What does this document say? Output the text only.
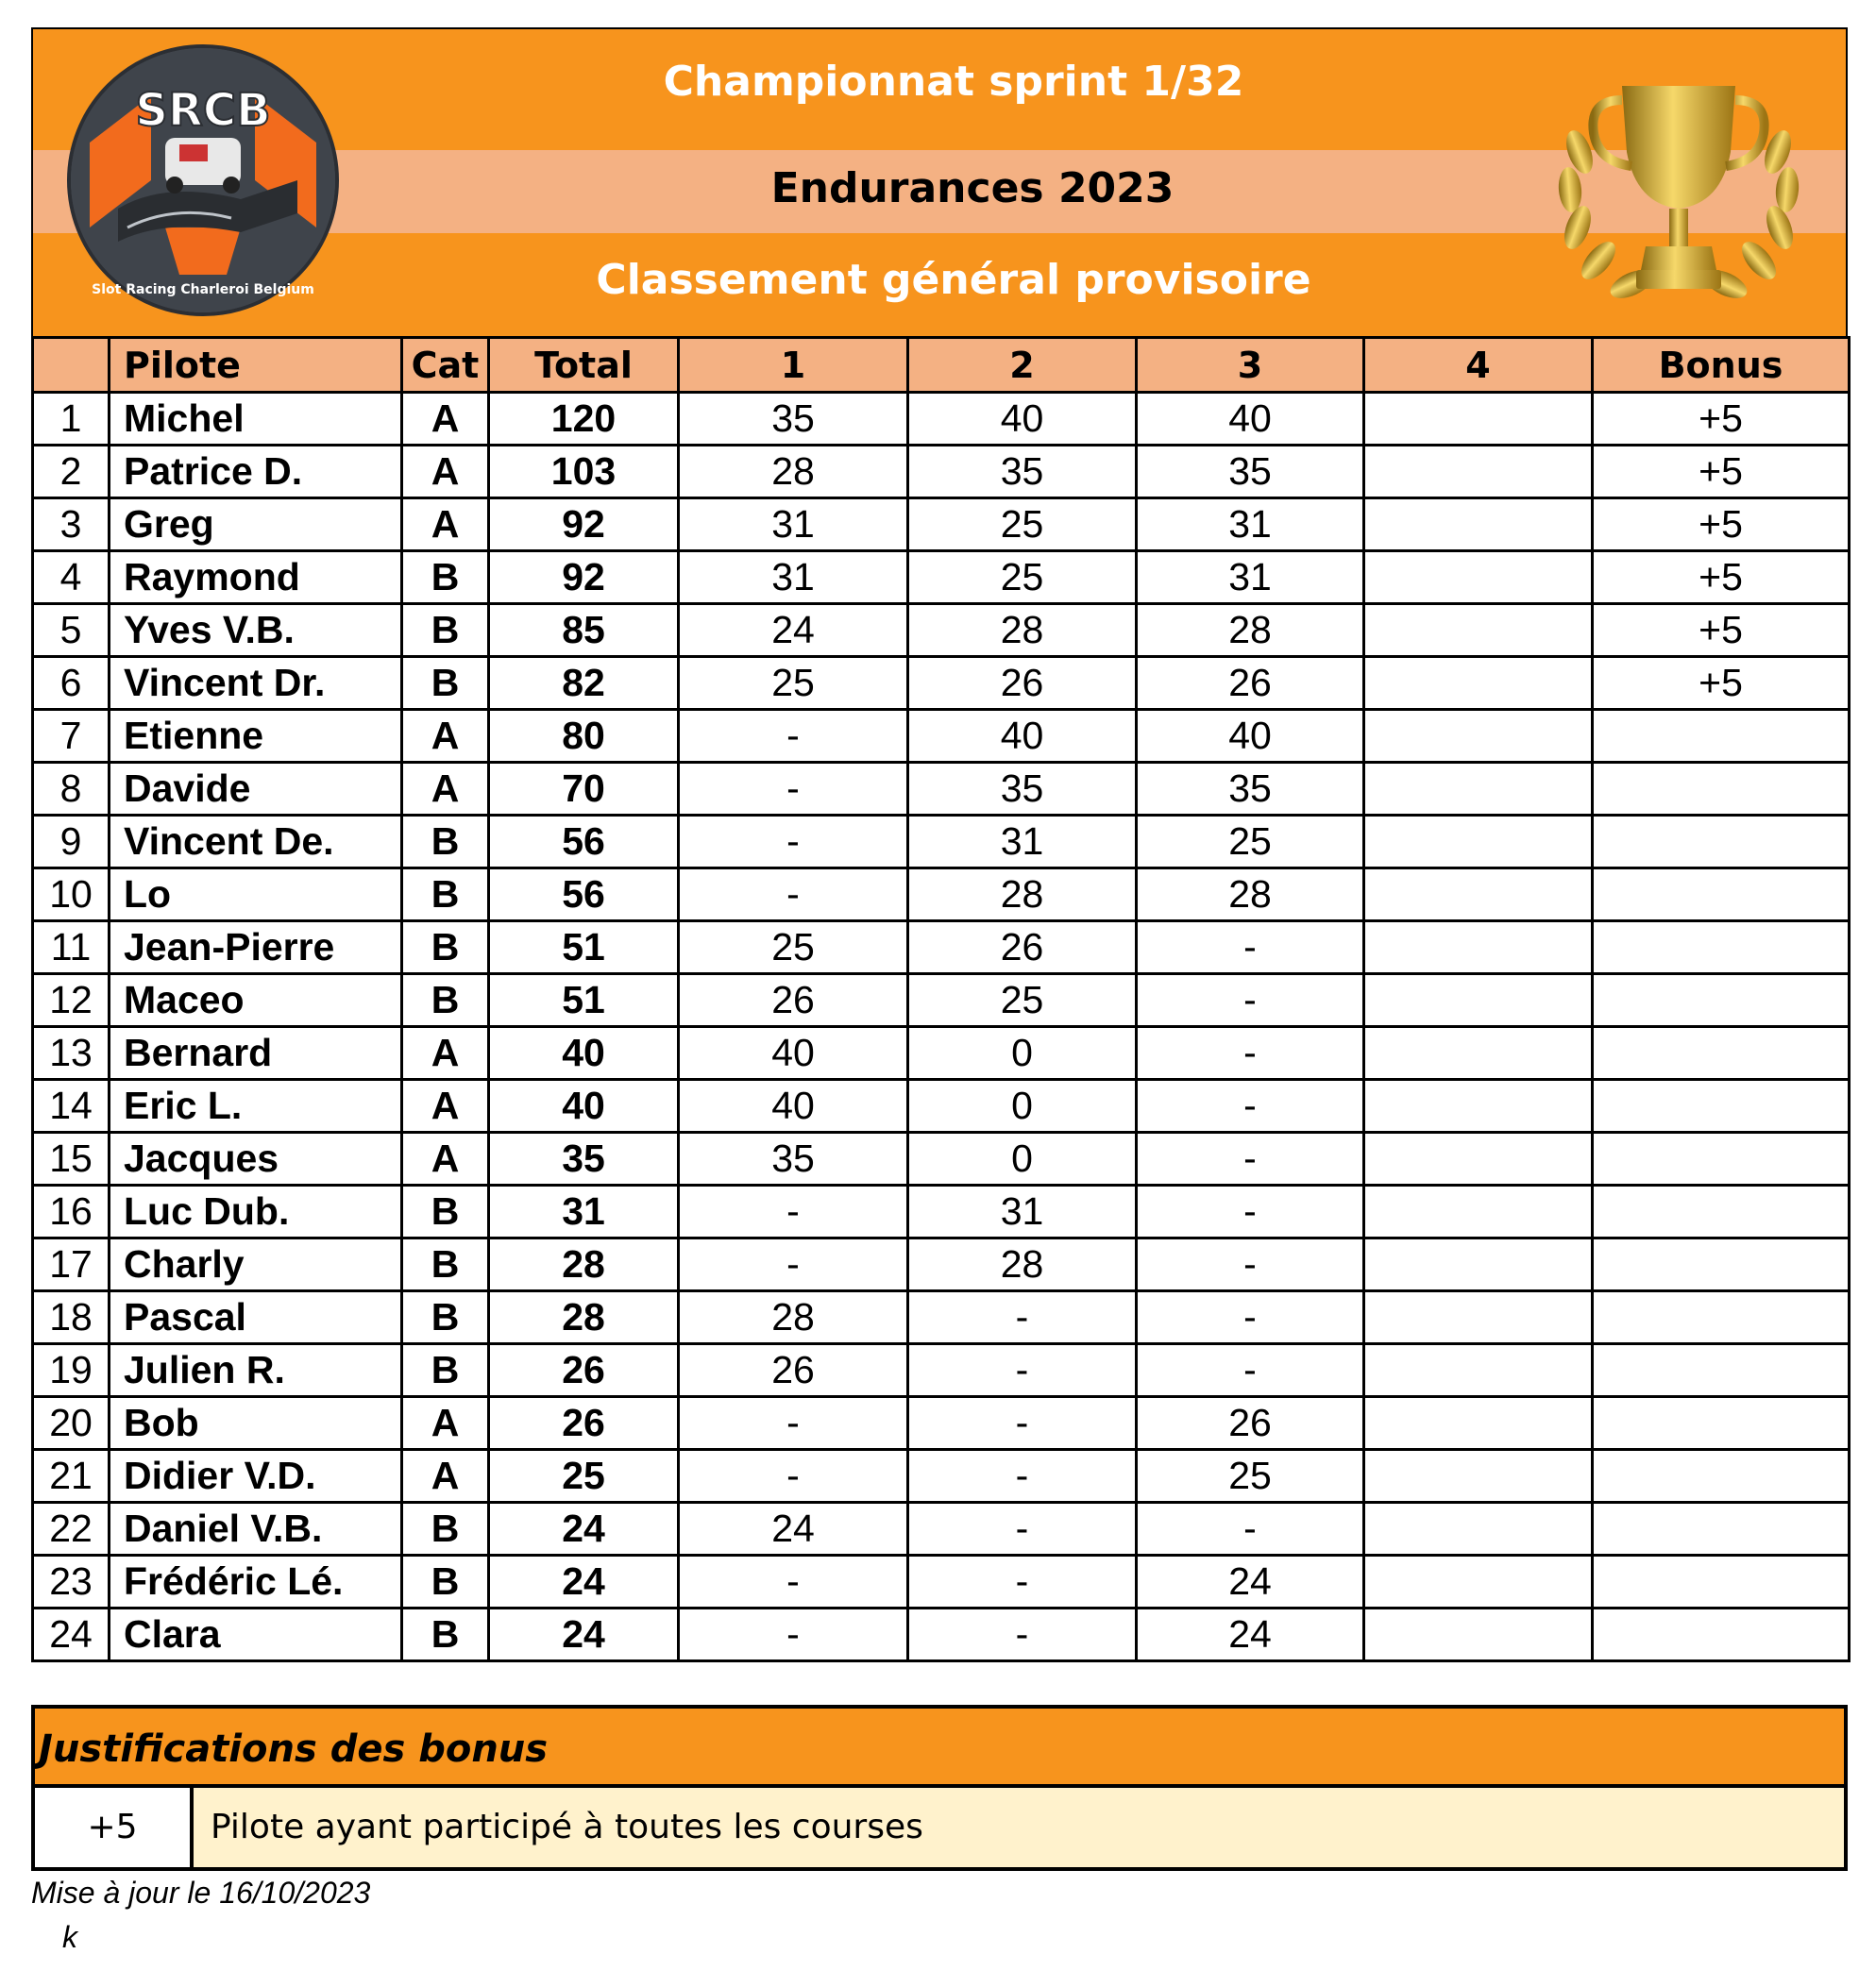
Championnat sprint 1/32
Endurances 2023
Classement général provisoire
SRCB
Slot Racing Charleroi Belgium
	Pilote	Cat	Total	1	2	3	4	Bonus
1	Michel	A	120	35	40	40		+5
2	Patrice D.	A	103	28	35	35		+5
3	Greg	A	92	31	25	31		+5
4	Raymond	B	92	31	25	31		+5
5	Yves V.B.	B	85	24	28	28		+5
6	Vincent Dr.	B	82	25	26	26		+5
7	Etienne	A	80	-	40	40		
8	Davide	A	70	-	35	35		
9	Vincent De.	B	56	-	31	25		
10	Lo	B	56	-	28	28		
11	Jean-Pierre	B	51	25	26	-		
12	Maceo	B	51	26	25	-		
13	Bernard	A	40	40	0	-		
14	Eric L.	A	40	40	0	-		
15	Jacques	A	35	35	0	-		
16	Luc Dub.	B	31	-	31	-		
17	Charly	B	28	-	28	-		
18	Pascal	B	28	28	-	-		
19	Julien R.	B	26	26	-	-		
20	Bob	A	26	-	-	26		
21	Didier V.D.	A	25	-	-	25		
22	Daniel V.B.	B	24	24	-	-		
23	Frédéric Lé.	B	24	-	-	24		
24	Clara	B	24	-	-	24		

Justifications des bonus

+5	Pilote ayant participé à toutes les courses

Mise à jour le 16/10/2023

k
